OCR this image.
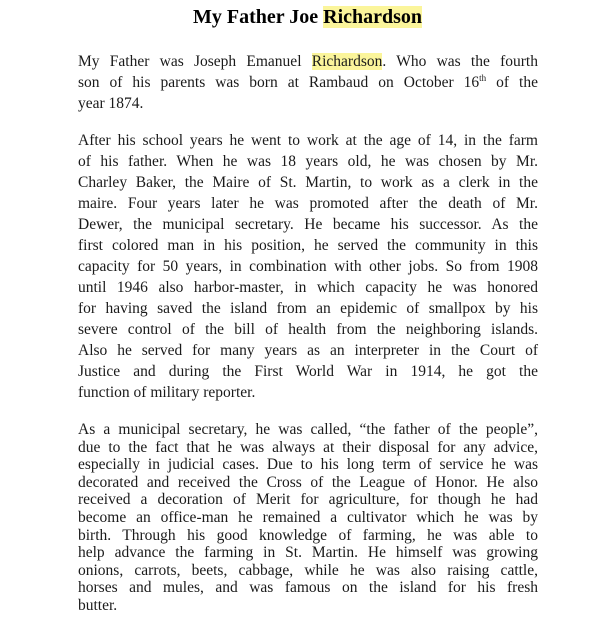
My Father Joe Richardson
My Father was Joseph Emanuel Richardson. Who was the fourth
son of his parents was born at Rambaud on October 16th of the
year 1874.
After his school years he went to work at the age of 14, in the farm
of his father. When he was 18 years old, he was chosen by Mr.
Charley Baker, the Maire of St. Martin, to work as a clerk in the
maire. Four years later he was promoted after the death of Mr.
Dewer, the municipal secretary. He became his successor. As the
first colored man in his position, he served the community in this
capacity for 50 years, in combination with other jobs. So from 1908
until 1946 also harbor-master, in which capacity he was honored
for having saved the island from an epidemic of smallpox by his
severe control of the bill of health from the neighboring islands.
Also he served for many years as an interpreter in the Court of
Justice and during the First World War in 1914, he got the
function of military reporter.
As a municipal secretary, he was called, “the father of the people”,
due to the fact that he was always at their disposal for any advice,
especially in judicial cases. Due to his long term of service he was
decorated and received the Cross of the League of Honor. He also
received a decoration of Merit for agriculture, for though he had
become an office-man he remained a cultivator which he was by
birth. Through his good knowledge of farming, he was able to
help advance the farming in St. Martin. He himself was growing
onions, carrots, beets, cabbage, while he was also raising cattle,
horses and mules, and was famous on the island for his fresh
butter.
